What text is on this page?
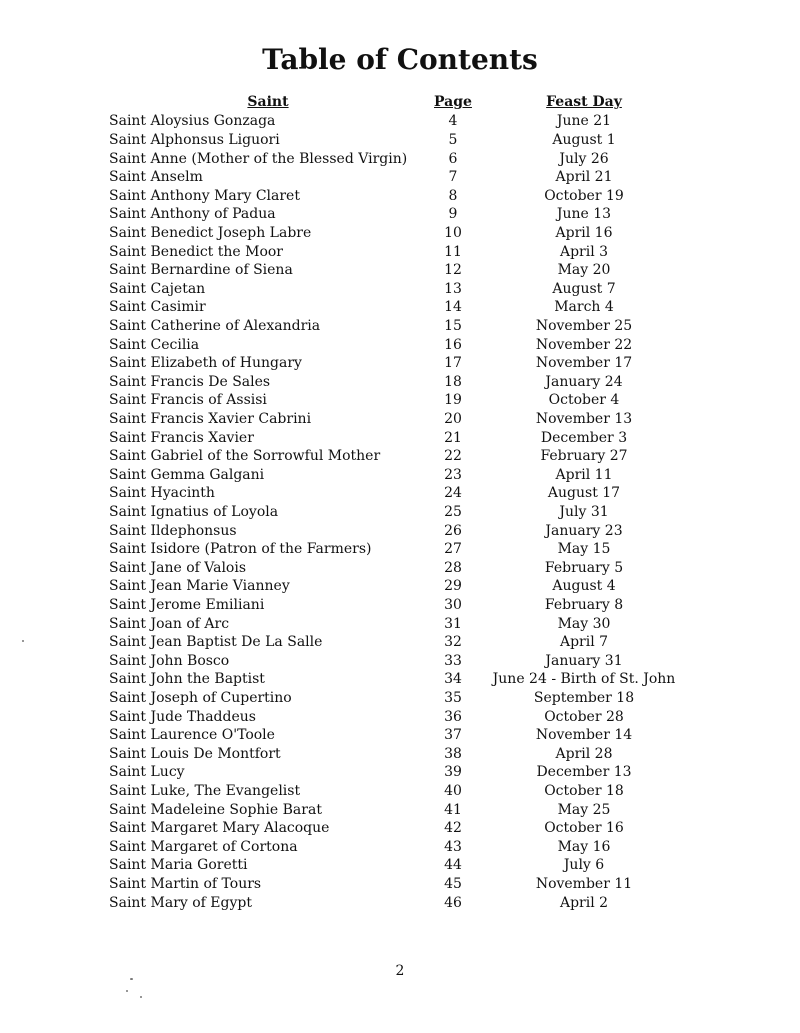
Table of Contents
Saint	Page	Feast Day
Saint Aloysius Gonzaga	4	June 21
Saint Alphonsus Liguori	5	August 1
Saint Anne (Mother of the Blessed Virgin)	6	July 26
Saint Anselm	7	April 21
Saint Anthony Mary Claret	8	October 19
Saint Anthony of Padua	9	June 13
Saint Benedict Joseph Labre	10	April 16
Saint Benedict the Moor	11	April 3
Saint Bernardine of Siena	12	May 20
Saint Cajetan	13	August 7
Saint Casimir	14	March 4
Saint Catherine of Alexandria	15	November 25
Saint Cecilia	16	November 22
Saint Elizabeth of Hungary	17	November 17
Saint Francis De Sales	18	January 24
Saint Francis of Assisi	19	October 4
Saint Francis Xavier Cabrini	20	November 13
Saint Francis Xavier	21	December 3
Saint Gabriel of the Sorrowful Mother	22	February 27
Saint Gemma Galgani	23	April 11
Saint Hyacinth	24	August 17
Saint Ignatius of Loyola	25	July 31
Saint Ildephonsus	26	January 23
Saint Isidore (Patron of the Farmers)	27	May 15
Saint Jane of Valois	28	February 5
Saint Jean Marie Vianney	29	August 4
Saint Jerome Emiliani	30	February 8
Saint Joan of Arc	31	May 30
Saint Jean Baptist De La Salle	32	April 7
Saint John Bosco	33	January 31
Saint John the Baptist	34	June 24 - Birth of St. John
Saint Joseph of Cupertino	35	September 18
Saint Jude Thaddeus	36	October 28
Saint Laurence O'Toole	37	November 14
Saint Louis De Montfort	38	April 28
Saint Lucy	39	December 13
Saint Luke, The Evangelist	40	October 18
Saint Madeleine Sophie Barat	41	May 25
Saint Margaret Mary Alacoque	42	October 16
Saint Margaret of Cortona	43	May 16
Saint Maria Goretti	44	July 6
Saint Martin of Tours	45	November 11
Saint Mary of Egypt	46	April 2
2
